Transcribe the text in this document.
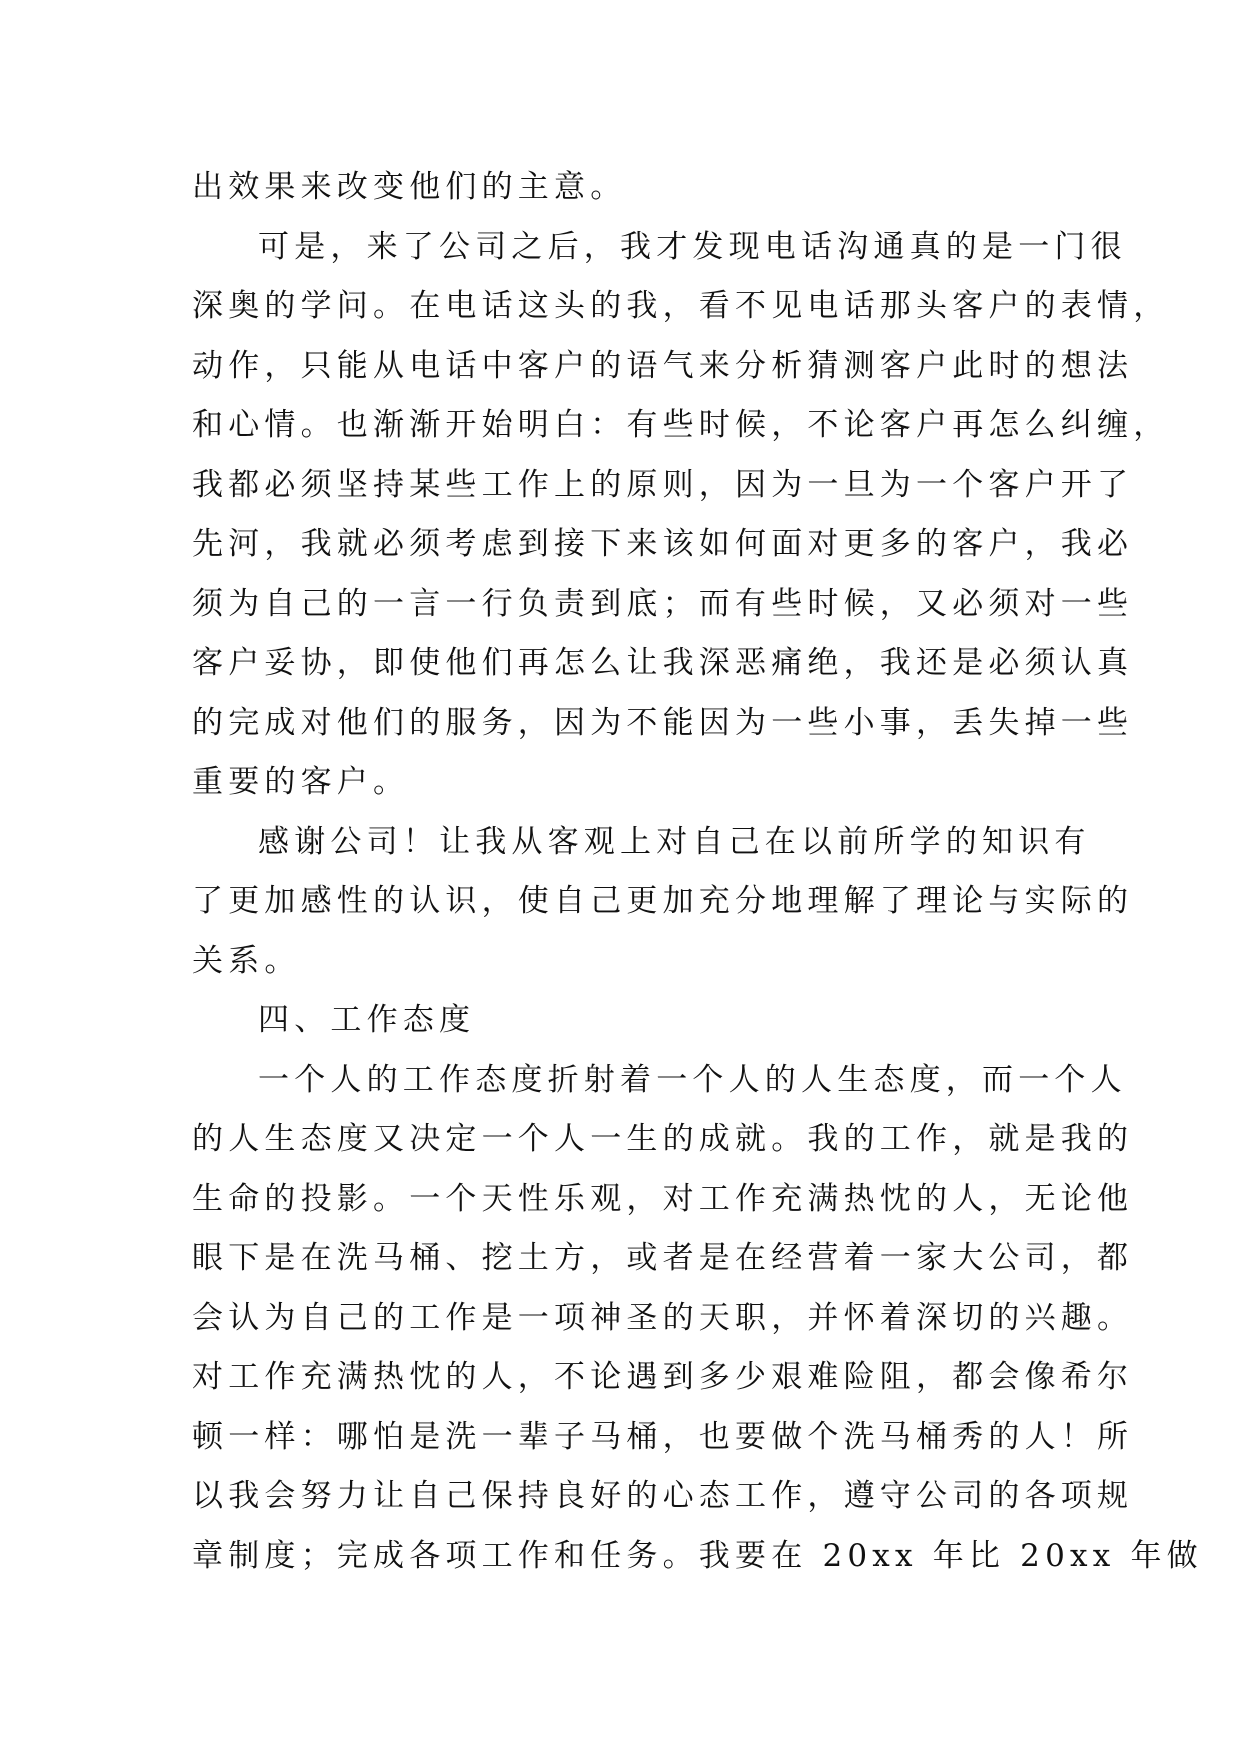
出效果来改变他们的主意。
可是，来了公司之后，我才发现电话沟通真的是一门很
深奥的学问。在电话这头的我，看不见电话那头客户的表情，
动作，只能从电话中客户的语气来分析猜测客户此时的想法
和心情。也渐渐开始明白：有些时候，不论客户再怎么纠缠，
我都必须坚持某些工作上的原则，因为一旦为一个客户开了
先河，我就必须考虑到接下来该如何面对更多的客户，我必
须为自己的一言一行负责到底；而有些时候，又必须对一些
客户妥协，即使他们再怎么让我深恶痛绝，我还是必须认真
的完成对他们的服务，因为不能因为一些小事，丢失掉一些
重要的客户。
感谢公司！让我从客观上对自己在以前所学的知识有
了更加感性的认识，使自己更加充分地理解了理论与实际的
关系。
四、工作态度
一个人的工作态度折射着一个人的人生态度，而一个人
的人生态度又决定一个人一生的成就。我的工作，就是我的
生命的投影。一个天性乐观，对工作充满热忱的人，无论他
眼下是在洗马桶、挖土方，或者是在经营着一家大公司，都
会认为自己的工作是一项神圣的天职，并怀着深切的兴趣。
对工作充满热忱的人，不论遇到多少艰难险阻，都会像希尔
顿一样：哪怕是洗一辈子马桶，也要做个洗马桶秀的人！所
以我会努力让自己保持良好的心态工作，遵守公司的各项规
章制度；完成各项工作和任务。我要在 20xx 年比 20xx 年做
